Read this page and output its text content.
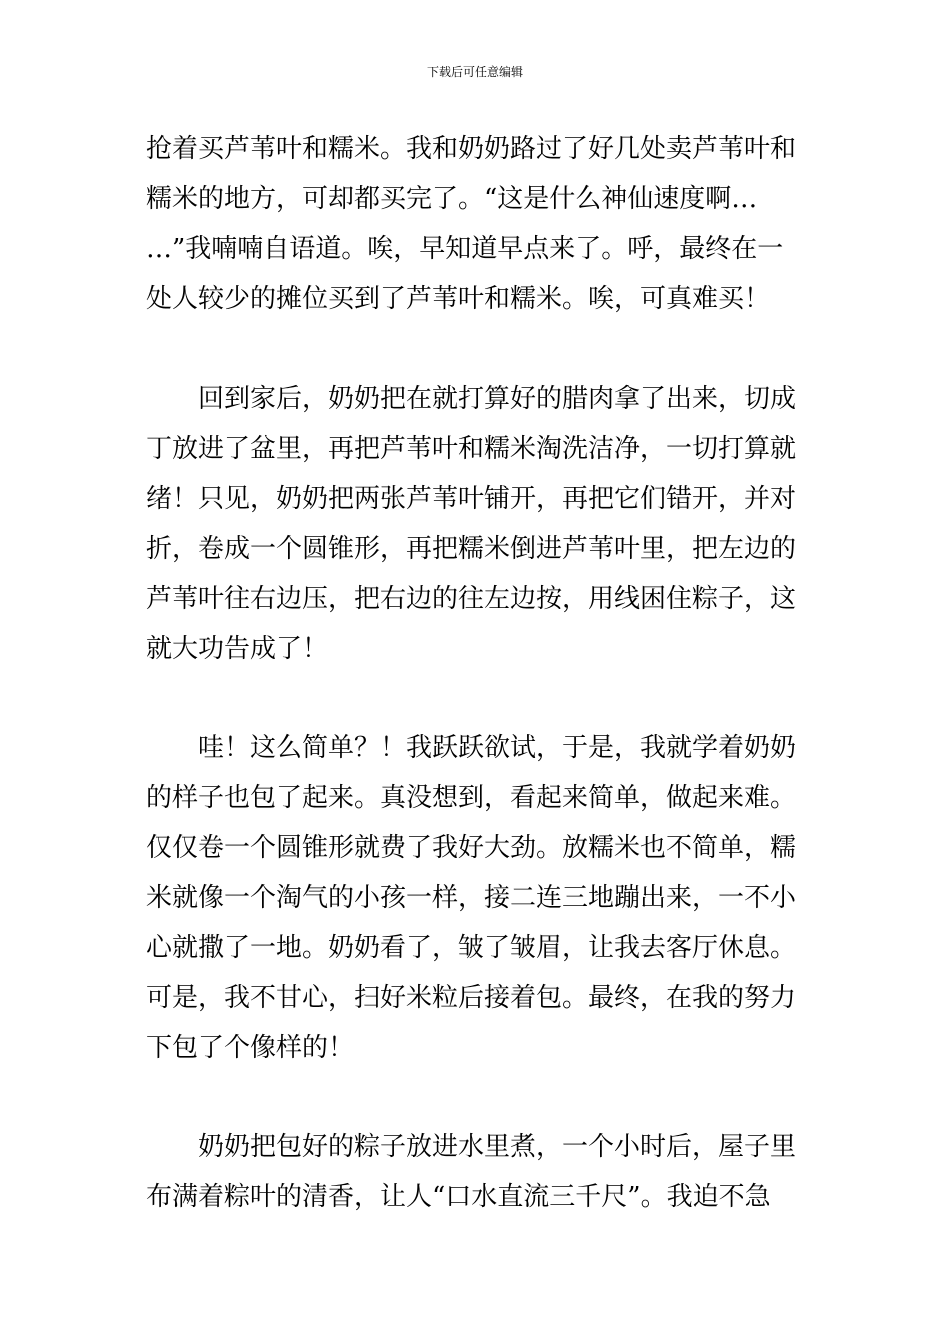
下载后可任意编辑
抢着买芦苇叶和糯米。我和奶奶路过了好几处卖芦苇叶和
糯米的地方，可却都买完了。“这是什么神仙速度啊…
…”我喃喃自语道。唉，早知道早点来了。呼，最终在一
处人较少的摊位买到了芦苇叶和糯米。唉，可真难买！
回到家后，奶奶把在就打算好的腊肉拿了出来，切成
丁放进了盆里，再把芦苇叶和糯米淘洗洁净，一切打算就
绪！只见，奶奶把两张芦苇叶铺开，再把它们错开，并对
折，卷成一个圆锥形，再把糯米倒进芦苇叶里，把左边的
芦苇叶往右边压，把右边的往左边按，用线困住粽子，这
就大功告成了！
哇！这么简单？！我跃跃欲试，于是，我就学着奶奶
的样子也包了起来。真没想到，看起来简单，做起来难。
仅仅卷一个圆锥形就费了我好大劲。放糯米也不简单，糯
米就像一个淘气的小孩一样，接二连三地蹦出来，一不小
心就撒了一地。奶奶看了，皱了皱眉，让我去客厅休息。
可是，我不甘心，扫好米粒后接着包。最终，在我的努力
下包了个像样的！
奶奶把包好的粽子放进水里煮，一个小时后，屋子里
布满着粽叶的清香，让人“口水直流三千尺”。我迫不急
